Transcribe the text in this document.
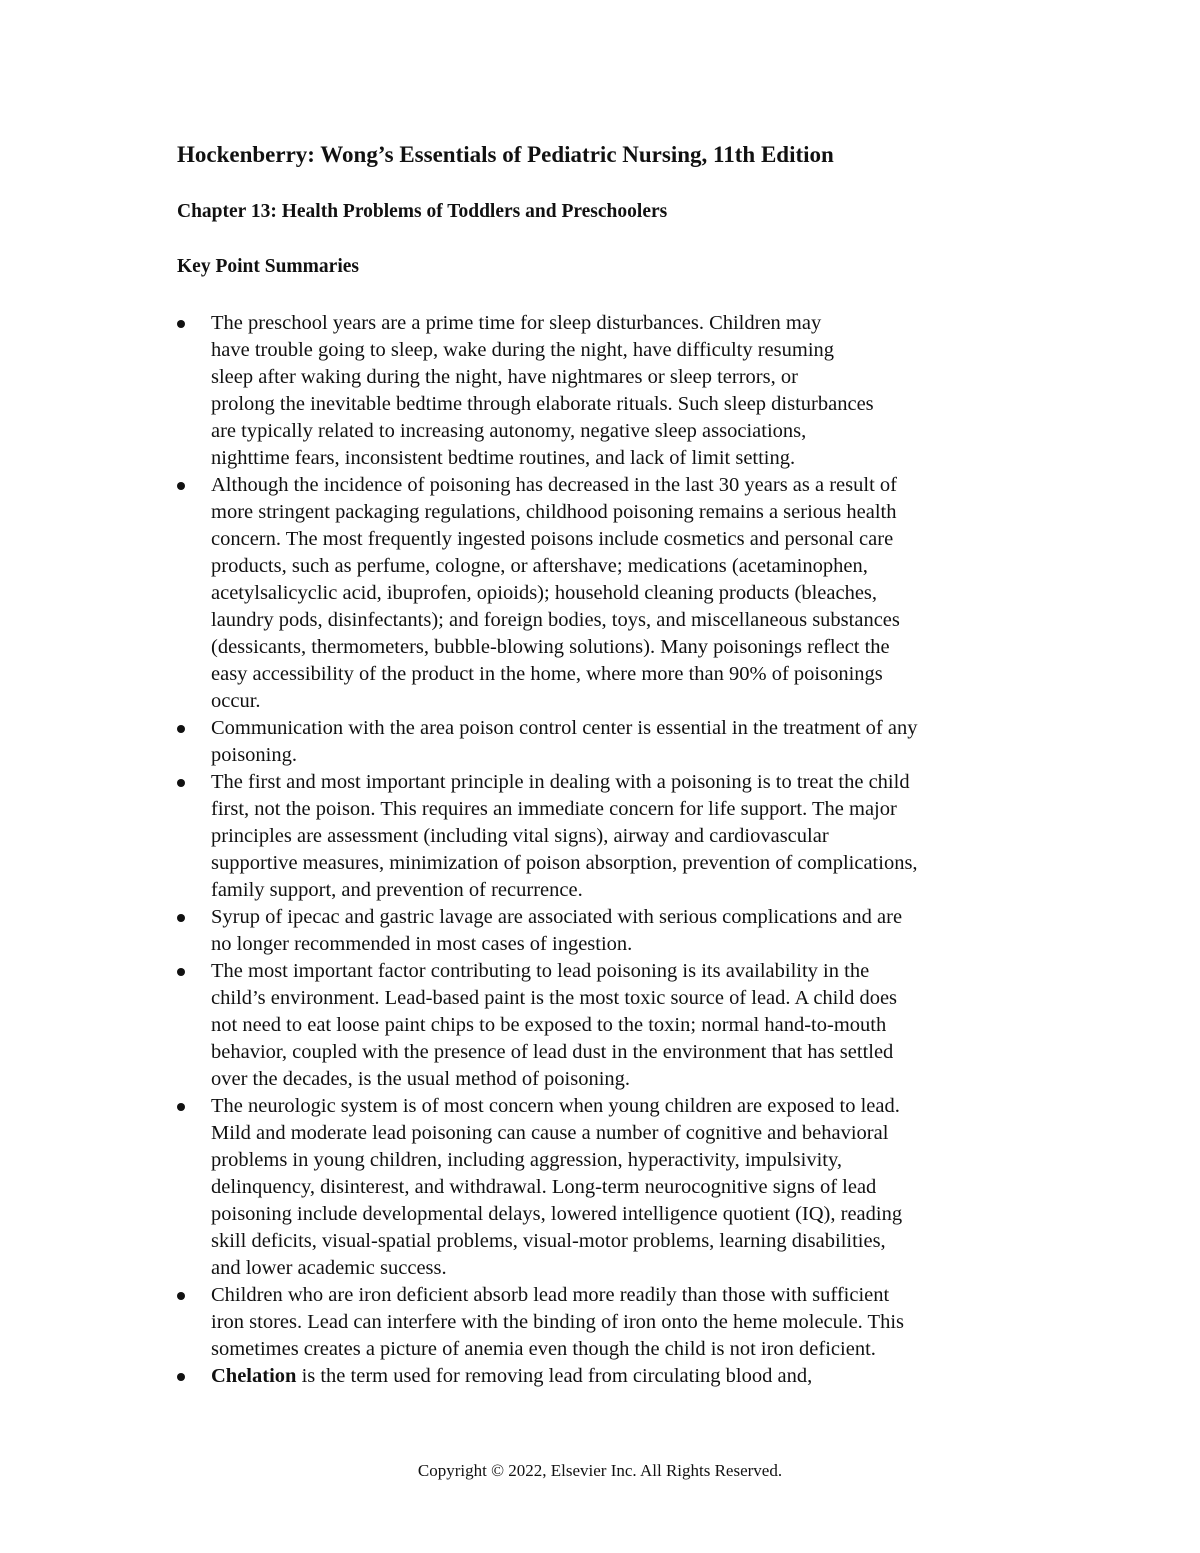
Hockenberry: Wong’s Essentials of Pediatric Nursing, 11th Edition
Chapter 13: Health Problems of Toddlers and Preschoolers
Key Point Summaries
The preschool years are a prime time for sleep disturbances. Children may
have trouble going to sleep, wake during the night, have difficulty resuming
sleep after waking during the night, have nightmares or sleep terrors, or
prolong the inevitable bedtime through elaborate rituals. Such sleep disturbances
are typically related to increasing autonomy, negative sleep associations,
nighttime fears, inconsistent bedtime routines, and lack of limit setting.
Although the incidence of poisoning has decreased in the last 30 years as a result of
more stringent packaging regulations, childhood poisoning remains a serious health
concern. The most frequently ingested poisons include cosmetics and personal care
products, such as perfume, cologne, or aftershave; medications (acetaminophen,
acetylsalicyclic acid, ibuprofen, opioids); household cleaning products (bleaches,
laundry pods, disinfectants); and foreign bodies, toys, and miscellaneous substances
(dessicants, thermometers, bubble-blowing solutions). Many poisonings reflect the
easy accessibility of the product in the home, where more than 90% of poisonings
occur.
Communication with the area poison control center is essential in the treatment of any
poisoning.
The first and most important principle in dealing with a poisoning is to treat the child
first, not the poison. This requires an immediate concern for life support. The major
principles are assessment (including vital signs), airway and cardiovascular
supportive measures, minimization of poison absorption, prevention of complications,
family support, and prevention of recurrence.
Syrup of ipecac and gastric lavage are associated with serious complications and are
no longer recommended in most cases of ingestion.
The most important factor contributing to lead poisoning is its availability in the
child’s environment. Lead-based paint is the most toxic source of lead. A child does
not need to eat loose paint chips to be exposed to the toxin; normal hand-to-mouth
behavior, coupled with the presence of lead dust in the environment that has settled
over the decades, is the usual method of poisoning.
The neurologic system is of most concern when young children are exposed to lead.
Mild and moderate lead poisoning can cause a number of cognitive and behavioral
problems in young children, including aggression, hyperactivity, impulsivity,
delinquency, disinterest, and withdrawal. Long-term neurocognitive signs of lead
poisoning include developmental delays, lowered intelligence quotient (IQ), reading
skill deficits, visual-spatial problems, visual-motor problems, learning disabilities,
and lower academic success.
Children who are iron deficient absorb lead more readily than those with sufficient
iron stores. Lead can interfere with the binding of iron onto the heme molecule. This
sometimes creates a picture of anemia even though the child is not iron deficient.
Chelation is the term used for removing lead from circulating blood and,
Copyright © 2022, Elsevier Inc. All Rights Reserved.
